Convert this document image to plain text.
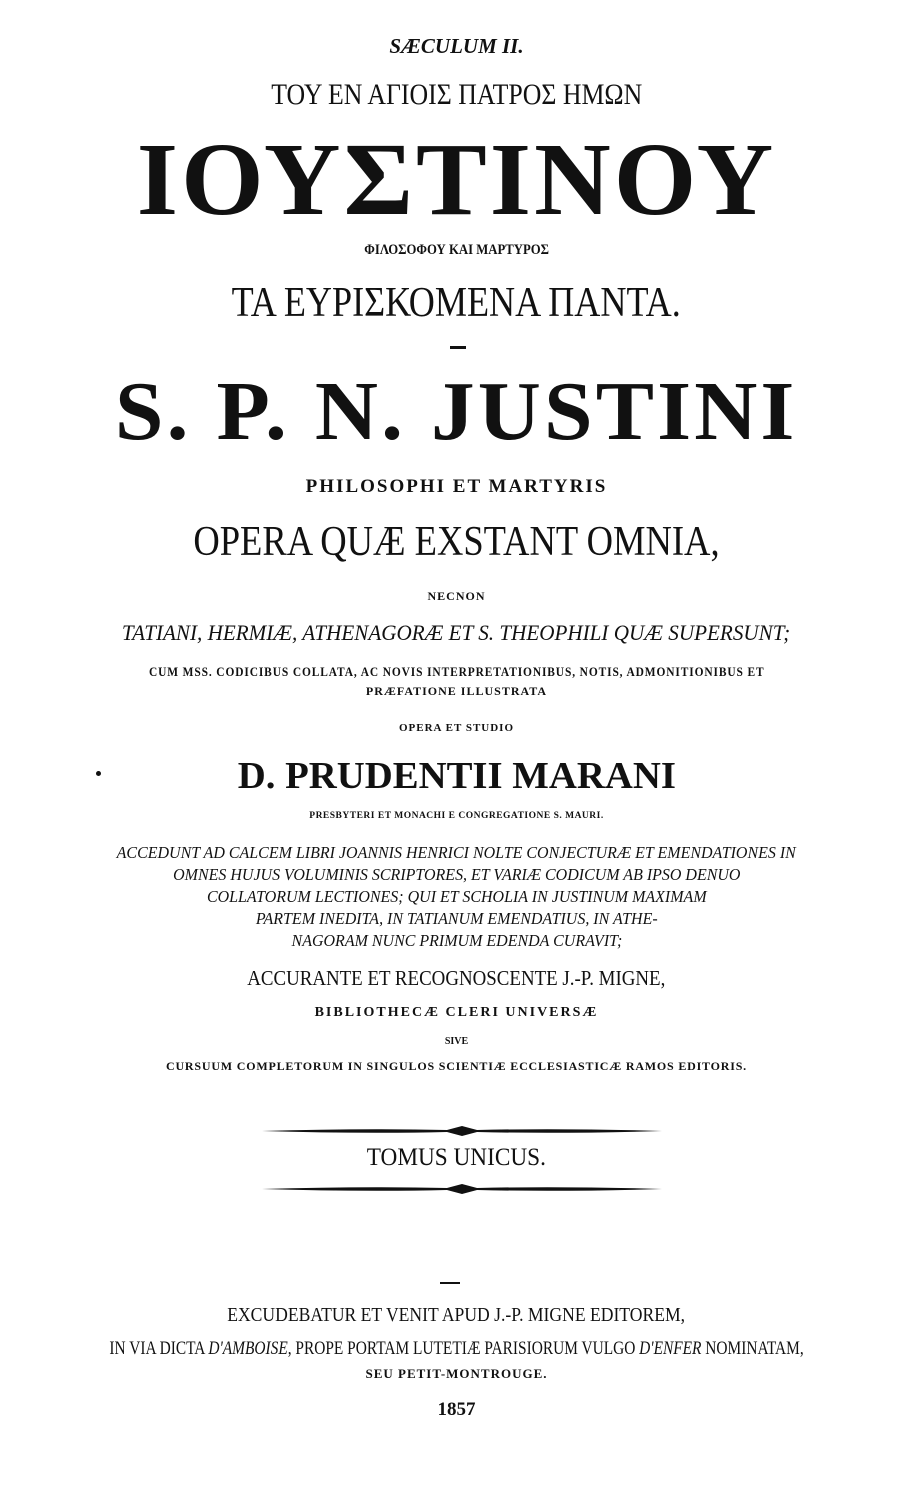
SÆCULUM II.
ΤΟΥ ΕΝ ΑΓΙΟΙΣ ΠΑΤΡΟΣ ΗΜΩΝ
ΙΟΥΣΤΙΝΟΥ
ΦΙΛΟΣΟΦΟΥ ΚΑΙ ΜΑΡΤΥΡΟΣ
ΤΑ ΕΥΡΙΣΚΟΜΕΝΑ ΠΑΝΤΑ.
S. P. N. JUSTINI
PHILOSOPHI ET MARTYRIS
OPERA QUÆ EXSTANT OMNIA,
NECNON
TATIANI, HERMIÆ, ATHENAGORÆ ET S. THEOPHILI QUÆ SUPERSUNT;
CUM MSS. CODICIBUS COLLATA, AC NOVIS INTERPRETATIONIBUS, NOTIS, ADMONITIONIBUS ET
PRÆFATIONE ILLUSTRATA
OPERA ET STUDIO
D. PRUDENTII MARANI
PRESBYTERI ET MONACHI E CONGREGATIONE S. MAURI.
ACCEDUNT AD CALCEM LIBRI JOANNIS HENRICI NOLTE CONJECTURÆ ET EMENDATIONES IN
OMNES HUJUS VOLUMINIS SCRIPTORES, ET VARIÆ CODICUM AB IPSO DENUO
COLLATORUM LECTIONES; QUI ET SCHOLIA IN JUSTINUM MAXIMAM
PARTEM INEDITA, IN TATIANUM EMENDATIUS, IN ATHE-
NAGORAM NUNC PRIMUM EDENDA CURAVIT;
ACCURANTE ET RECOGNOSCENTE J.-P. MIGNE,
BIBLIOTHECÆ CLERI UNIVERSÆ
SIVE
CURSUUM COMPLETORUM IN SINGULOS SCIENTIÆ ECCLESIASTICÆ RAMOS EDITORIS.
TOMUS UNICUS.
EXCUDEBATUR ET VENIT APUD J.-P. MIGNE EDITOREM,
IN VIA DICTA D'AMBOISE, PROPE PORTAM LUTETIÆ PARISIORUM VULGO D'ENFER NOMINATAM,
SEU PETIT-MONTROUGE.
1857
